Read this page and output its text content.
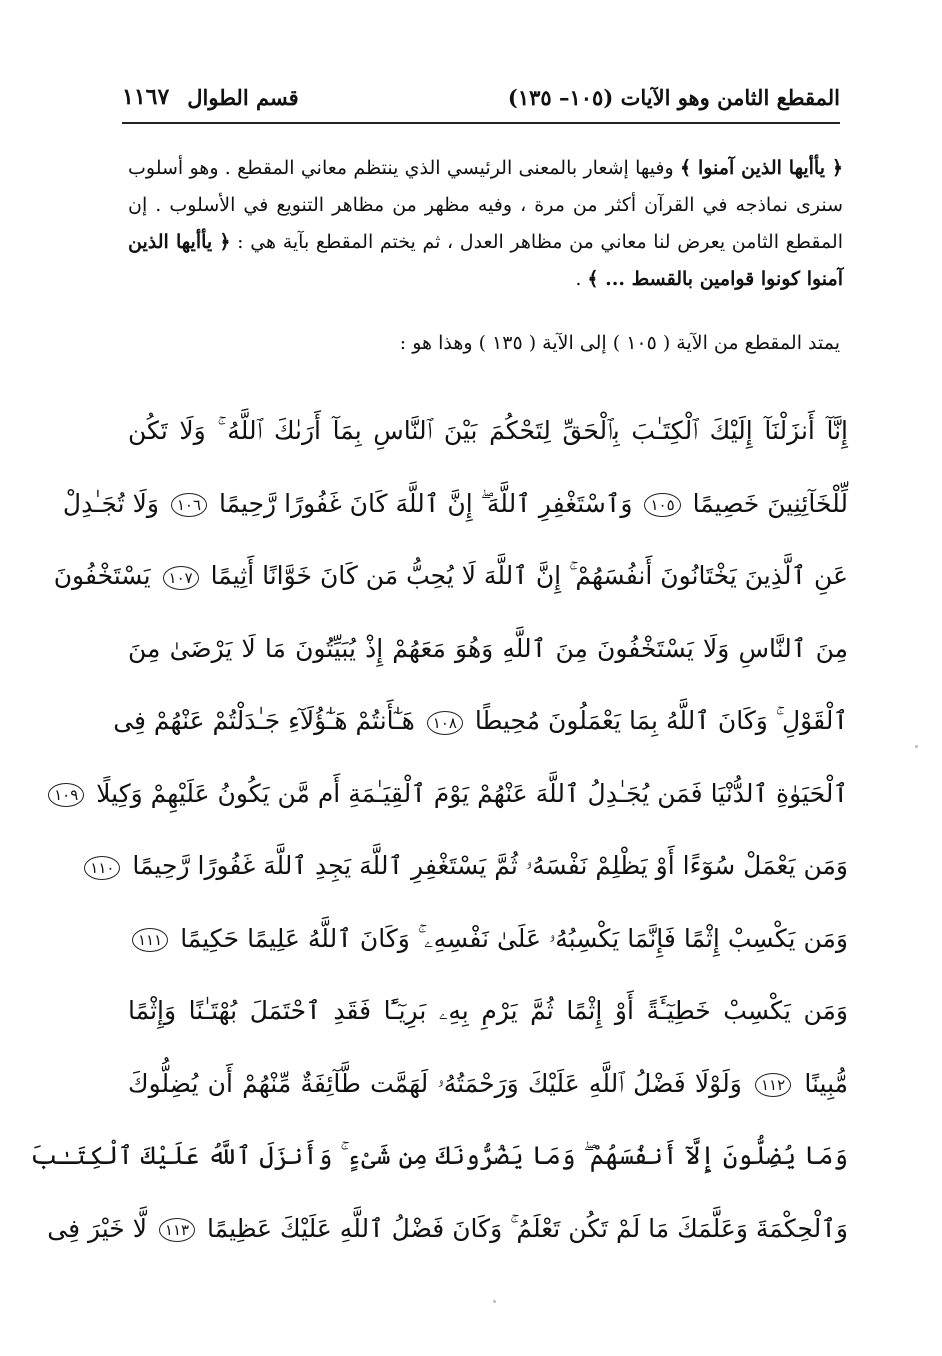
المقطع الثامن وهو الآيات (١٠٥– ١٣٥)
قسم الطوال
١١٦٧
﴿ يأأيها الذين آمنوا ﴾ وفيها إشعار بالمعنى الرئيسي الذي ينتظم معاني المقطع . وهو أسلوب سنرى نماذجه في القرآن أكثر من مرة ، وفيه مظهر من مظاهر التنويع في الأسلوب . إن المقطع الثامن يعرض لنا معاني من مظاهر العدل ، ثم يختم المقطع بآية هي : ﴿ يأأيها الذين آمنوا كونوا قوامين بالقسط ... ﴾ .
يمتد المقطع من الآية ( ١٠٥ ) إلى الآية ( ١٣٥ ) وهذا هو :
إِنَّآ أَنزَلْنَآ إِلَيْكَ ٱلْكِتَـٰبَ بِٱلْحَقِّ لِتَحْكُمَ بَيْنَ ٱلنَّاسِ بِمَآ أَرَىٰكَ ٱللَّهُ ۚ وَلَا تَكُن
لِّلْخَآئِنِينَ خَصِيمًا ١٠٥ وَٱسْتَغْفِرِ ٱللَّهَ ۖ إِنَّ ٱللَّهَ كَانَ غَفُورًا رَّحِيمًا ١٠٦ وَلَا تُجَـٰدِلْ
عَنِ ٱلَّذِينَ يَخْتَانُونَ أَنفُسَهُمْ ۚ إِنَّ ٱللَّهَ لَا يُحِبُّ مَن كَانَ خَوَّانًا أَثِيمًا ١٠٧ يَسْتَخْفُونَ
مِنَ ٱلنَّاسِ وَلَا يَسْتَخْفُونَ مِنَ ٱللَّهِ وَهُوَ مَعَهُمْ إِذْ يُبَيِّتُونَ مَا لَا يَرْضَىٰ مِنَ
ٱلْقَوْلِ ۚ وَكَانَ ٱللَّهُ بِمَا يَعْمَلُونَ مُحِيطًا ١٠٨ هَـٰٓأَنتُمْ هَـٰٓؤُلَآءِ جَـٰدَلْتُمْ عَنْهُمْ فِى
ٱلْحَيَوٰةِ ٱلدُّنْيَا فَمَن يُجَـٰدِلُ ٱللَّهَ عَنْهُمْ يَوْمَ ٱلْقِيَـٰمَةِ أَم مَّن يَكُونُ عَلَيْهِمْ وَكِيلًا ١٠٩
وَمَن يَعْمَلْ سُوٓءًا أَوْ يَظْلِمْ نَفْسَهُۥ ثُمَّ يَسْتَغْفِرِ ٱللَّهَ يَجِدِ ٱللَّهَ غَفُورًا رَّحِيمًا ١١٠
وَمَن يَكْسِبْ إِثْمًا فَإِنَّمَا يَكْسِبُهُۥ عَلَىٰ نَفْسِهِۦ ۚ وَكَانَ ٱللَّهُ عَلِيمًا حَكِيمًا ١١١
وَمَن يَكْسِبْ خَطِيٓـَٔةً أَوْ إِثْمًا ثُمَّ يَرْمِ بِهِۦ بَرِيٓـًٔا فَقَدِ ٱحْتَمَلَ بُهْتَـٰنًا وَإِثْمًا
مُّبِينًا ١١٢ وَلَوْلَا فَضْلُ ٱللَّهِ عَلَيْكَ وَرَحْمَتُهُۥ لَهَمَّت طَّآئِفَةٌ مِّنْهُمْ أَن يُضِلُّوكَ
وَمَا يُضِلُّونَ إِلَّآ أَنفُسَهُمْ ۖ وَمَا يَضُرُّونَكَ مِن شَىْءٍ ۚ وَأَنزَلَ ٱللَّهُ عَلَيْكَ ٱلْكِتَـٰبَ
وَٱلْحِكْمَةَ وَعَلَّمَكَ مَا لَمْ تَكُن تَعْلَمُ ۚ وَكَانَ فَضْلُ ٱللَّهِ عَلَيْكَ عَظِيمًا ١١٣ لَّا خَيْرَ فِى
